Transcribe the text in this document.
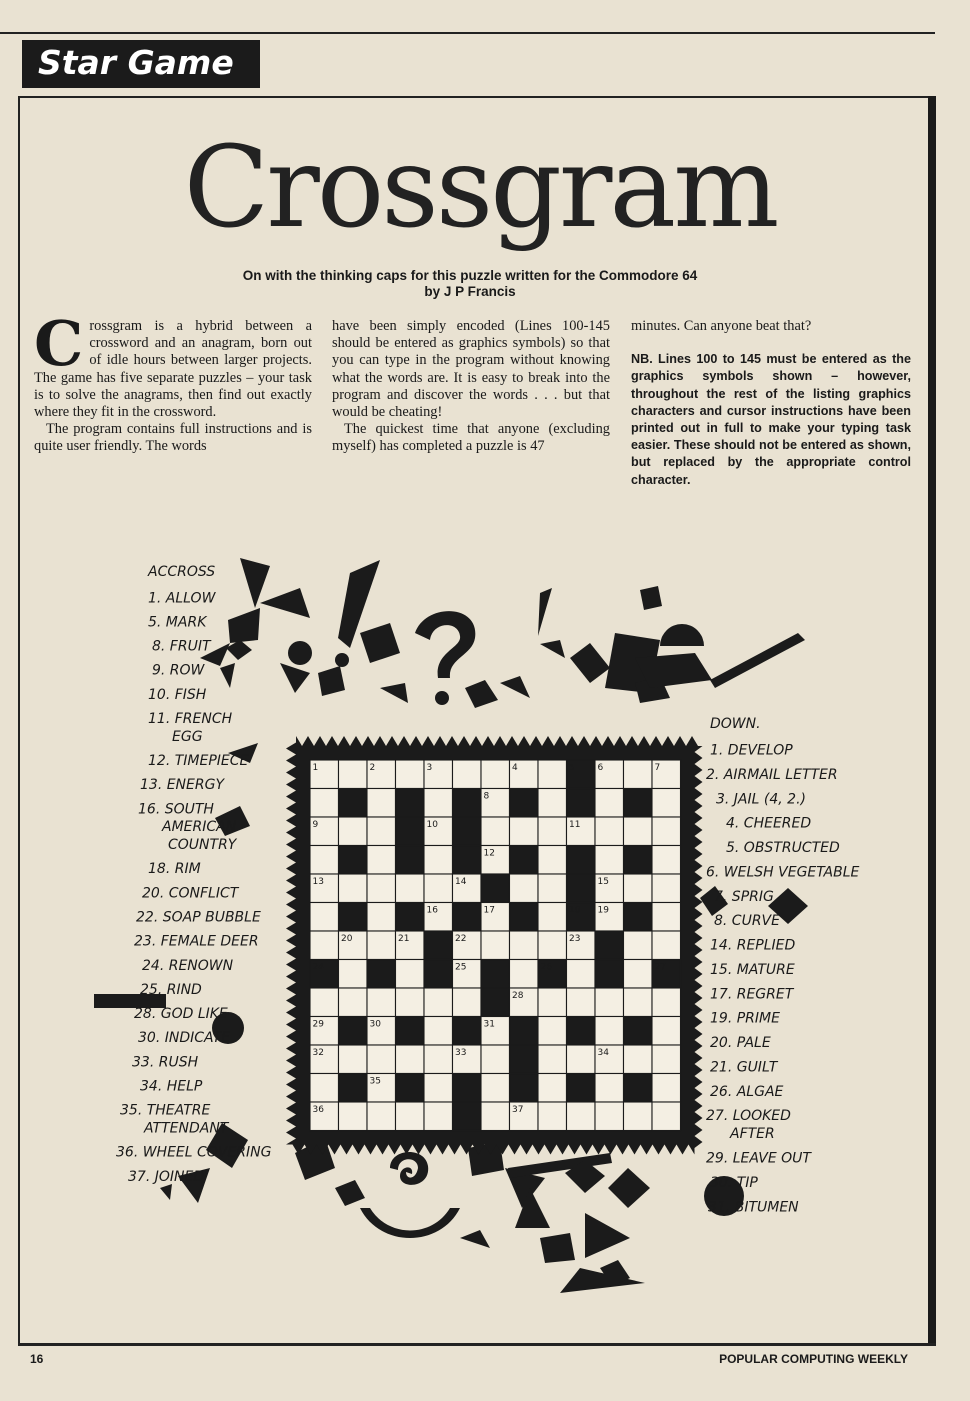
Star Game
Crossgram
On with the thinking caps for this puzzle written for the Commodore 64 by J P Francis

Crossgram is a hybrid between a crossword and an anagram, born out of idle hours between larger projects. The game has five separate puzzles – your task is to solve the anagrams, then find out exactly where they fit in the crossword.

The program contains full instructions and is quite user friendly. The words

have been simply encoded (Lines 100-145 should be entered as graphics symbols) so that you can type in the program without knowing what the words are. It is easy to break into the program and discover the words . . . but that would be cheating!

The quickest time that anyone (excluding myself) has completed a puzzle is 47

minutes. Can anyone beat that?

NB. Lines 100 to 145 must be entered as the graphics symbols shown – however, throughout the rest of the listing graphics characters and cursor instructions have been printed out in full to make your typing task easier. These should not be entered as shown, but replaced by the appropriate control character.

1	2	3	4	5	6	7
8
9	10	11
12
13	14	15
16	17	18 19
20	21	22	23
24	25	26	27
28
29	30	31
32	33	34
35
36	37
ACCROSS
1. ALLOW
5. MARK
8. FRUIT
9. ROW
10. FISH
11. FRENCH
EGG
12. TIMEPIECE
13. ENERGY
16. SOUTH
AMERICAN
COUNTRY
18. RIM
20. CONFLICT
22. SOAP BUBBLE
23. FEMALE DEER
24. RENOWN
25. RIND
28. GOD LIKE
30. INDICATE
33. RUSH
34. HELP
35. THEATRE
ATTENDANT
36. WHEEL COVERING
37. JOINED
DOWN.
1. DEVELOP
2. AIRMAIL LETTER
3. JAIL (4, 2.)
4. CHEERED
5. OBSTRUCTED
6. WELSH VEGETABLE
7. SPRIG
8. CURVE
14. REPLIED
15. MATURE
17. REGRET
19. PRIME
20. PALE
21. GUILT
26. ALGAE
27. LOOKED
AFTER
29. LEAVE OUT
30. TIP
31. BITUMEN
16	POPULAR COMPUTING WEEKLY
